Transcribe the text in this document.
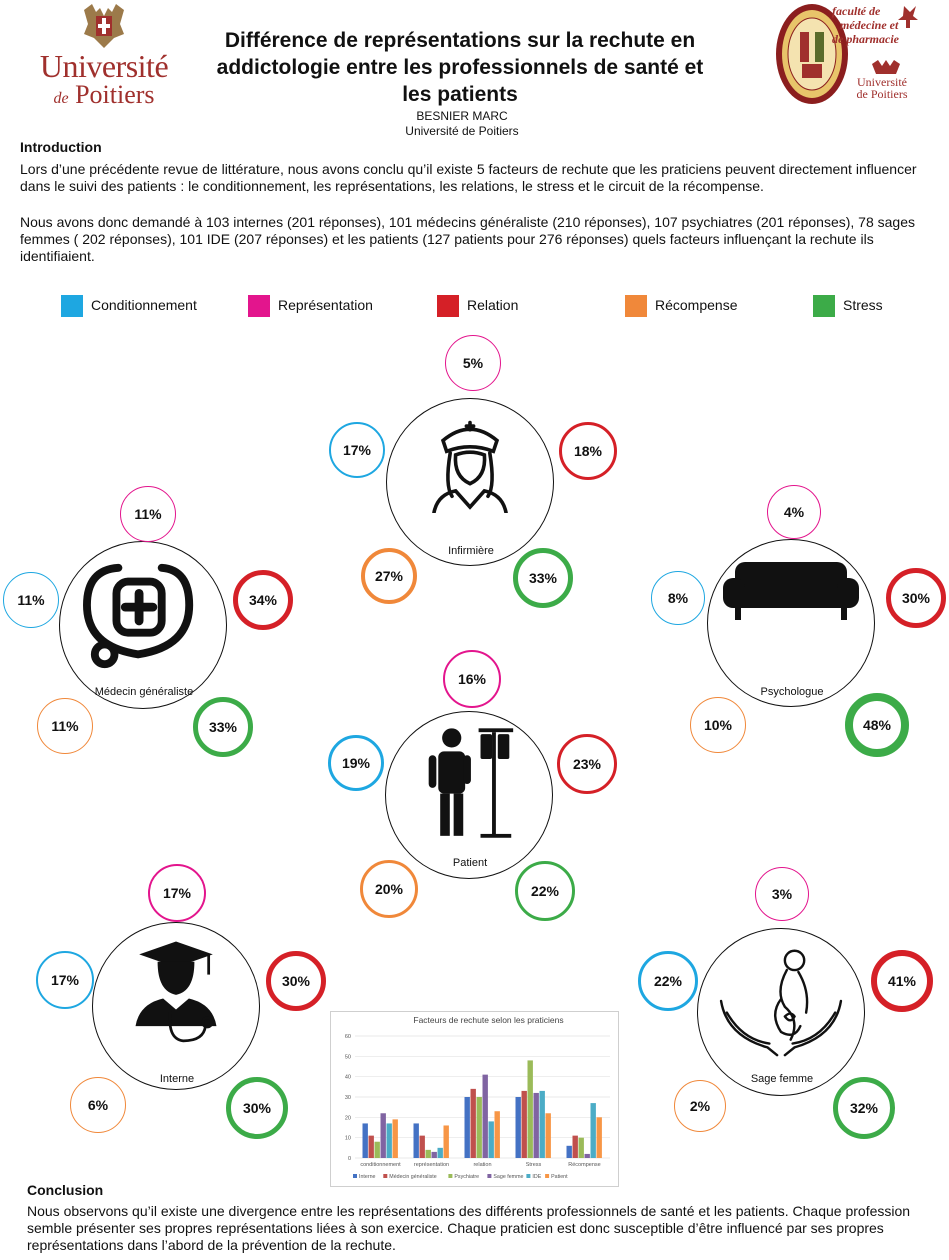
Université
de Poitiers
faculté de
médecine et
de pharmacie
Université
de Poitiers
Différence de représentations sur la rechute en addictologie entre les professionnels de santé et les patients
BESNIER MARC
Université de Poitiers
Introduction
Lors d’une précédente revue de littérature, nous avons conclu qu’il existe 5 facteurs de rechute que les praticiens peuvent directement influencer dans le suivi des patients : le conditionnement, les représentations, les relations, le stress et le circuit de la récompense.
Nous avons donc demandé à 103 internes (201 réponses), 101 médecins généraliste (210 réponses), 107 psychiatres (201 réponses), 78 sages femmes ( 202 réponses), 101 IDE (207 réponses) et les patients (127 patients pour 276 réponses) quels facteurs influençant la rechute ils identifiaient.
Conditionnement	Représentation	Relation	Récompense	Stress
Infirmière
5%
17%	18%
27%	33%
Médecin généraliste
11%
11%	34%
11%	33%
Psychologue
4%
8%	30%
10%	48%
Patient
16%
19%	23%
20%	22%
Interne
17%
17%	30%
6%	30%
Sage femme
3%
22%	41%
2%	32%
Facteurs de rechute selon les praticiens
0
10
20
30
40
50
60
conditionnement représentation	relation	Stress	Récompense
Interne	Médecin généraliste	Psychiatre	Sage femme IDE Patient
Conclusion
Nous observons qu’il existe une divergence entre les représentations des différents professionnels de santé et les patients. Chaque profession semble présenter ses propres représentations liées à son exercice. Chaque praticien est donc susceptible d’être influencé par ses propres représentations dans l’abord de la prévention de la rechute.
